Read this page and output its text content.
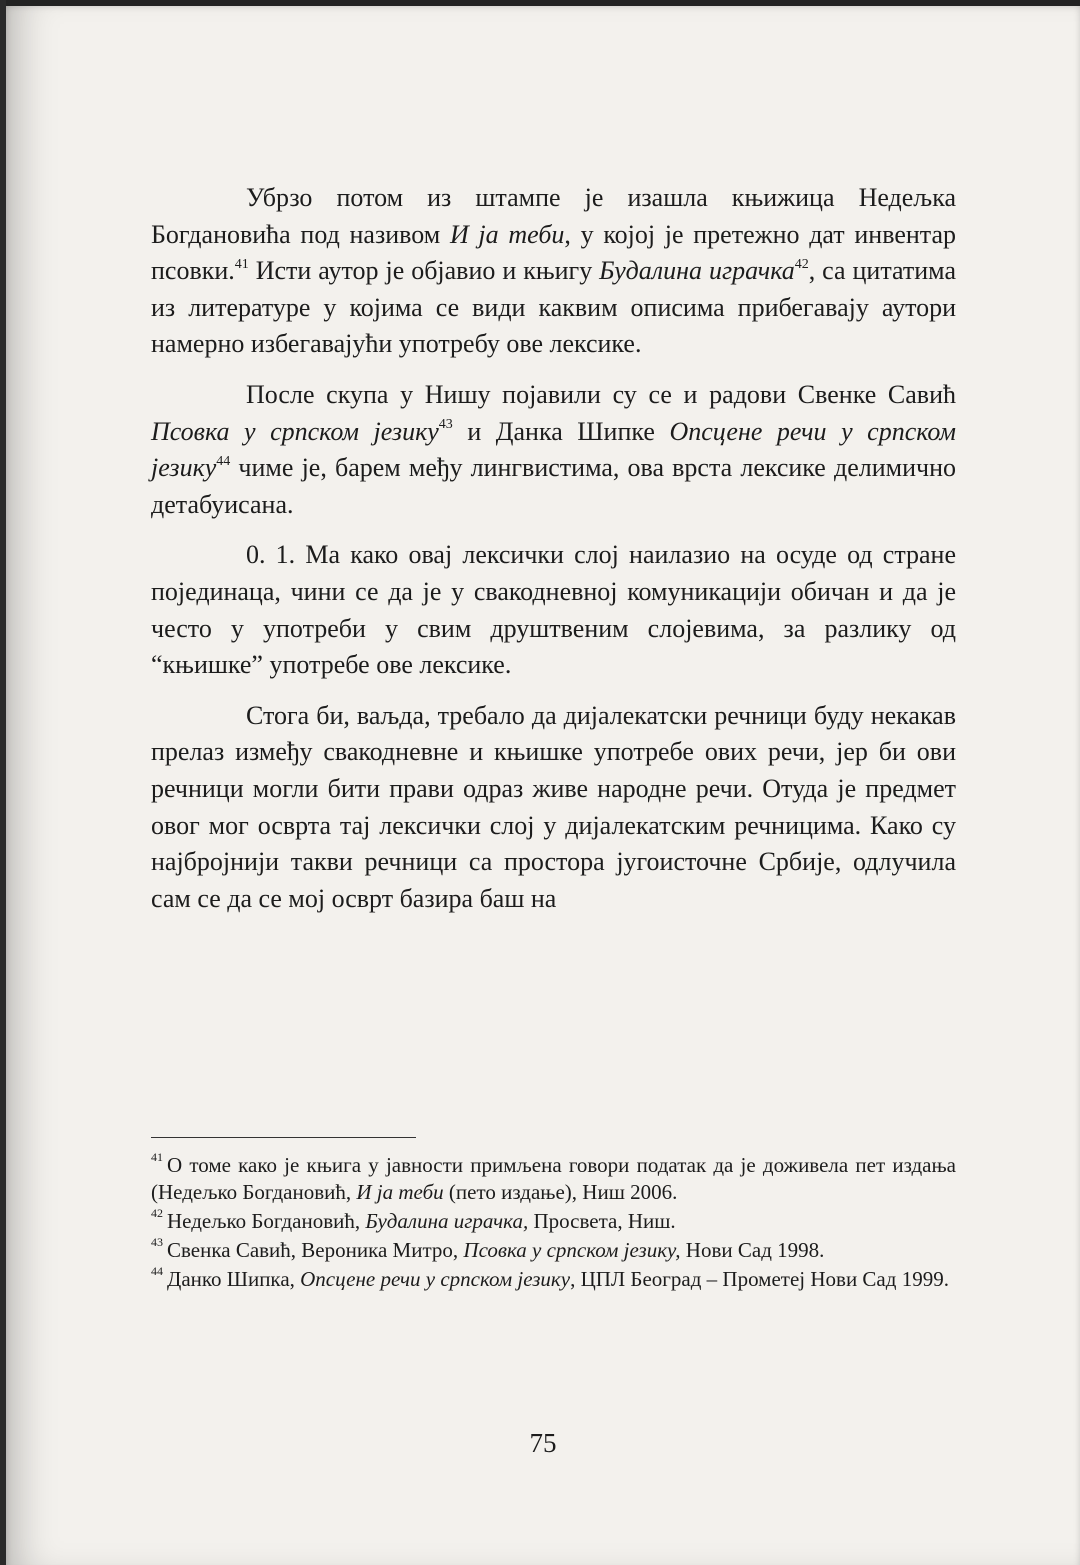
Убрзо потом из штампе је изашла књижица Недељка Богдановића под називом И ја теби, у којој је претежно дат инвентар псовки.$^{41}$ Исти аутор је објавио и књигу Будалина играчка$^{42}$, са цитатима из литературе у којима се види каквим описима прибегавају аутори намерно избегавајући употребу ове лексике.

После скупа у Нишу појавили су се и радови Свенке Савић Псовка у српском језику$^{43}$ и Данка Шипке Опсцене речи у српском језику$^{44}$ чиме је, барем међу лингвистима, ова врста лексике делимично детабуисана.

0. 1. Ма како овај лексички слој наилазио на осуде од стране појединаца, чини се да је у свакодневној комуникацији обичан и да је често у употреби у свим друштвеним слојевима, за разлику од “књишке” употребе ове лексике.

Стога би, ваљда, требало да дијалекатски речници буду некакав прелаз између свакодневне и књишке употребе ових речи, јер би ови речници могли бити прави одраз живе народне речи. Отуда је предмет овог мог осврта тај лексички слој у дијалекатским речницима. Како су најбројнији такви речници са простора југоисточне Србије, одлучила сам се да се мој осврт базира баш на

$^{41}$ О томе како је књига у јавности примљена говори податак да је доживела пет издања (Недељко Богдановић, И ја теби (пето издање), Ниш 2006.

$^{42}$ Недељко Богдановић, Будалина играчка, Просвета, Ниш.

$^{43}$ Свенка Савић, Вероника Митро, Псовка у српском језику, Нови Сад 1998.

$^{44}$ Данко Шипка, Опсцене речи у српском језику, ЦПЛ Београд – Прометеј Нови Сад 1999.

75
